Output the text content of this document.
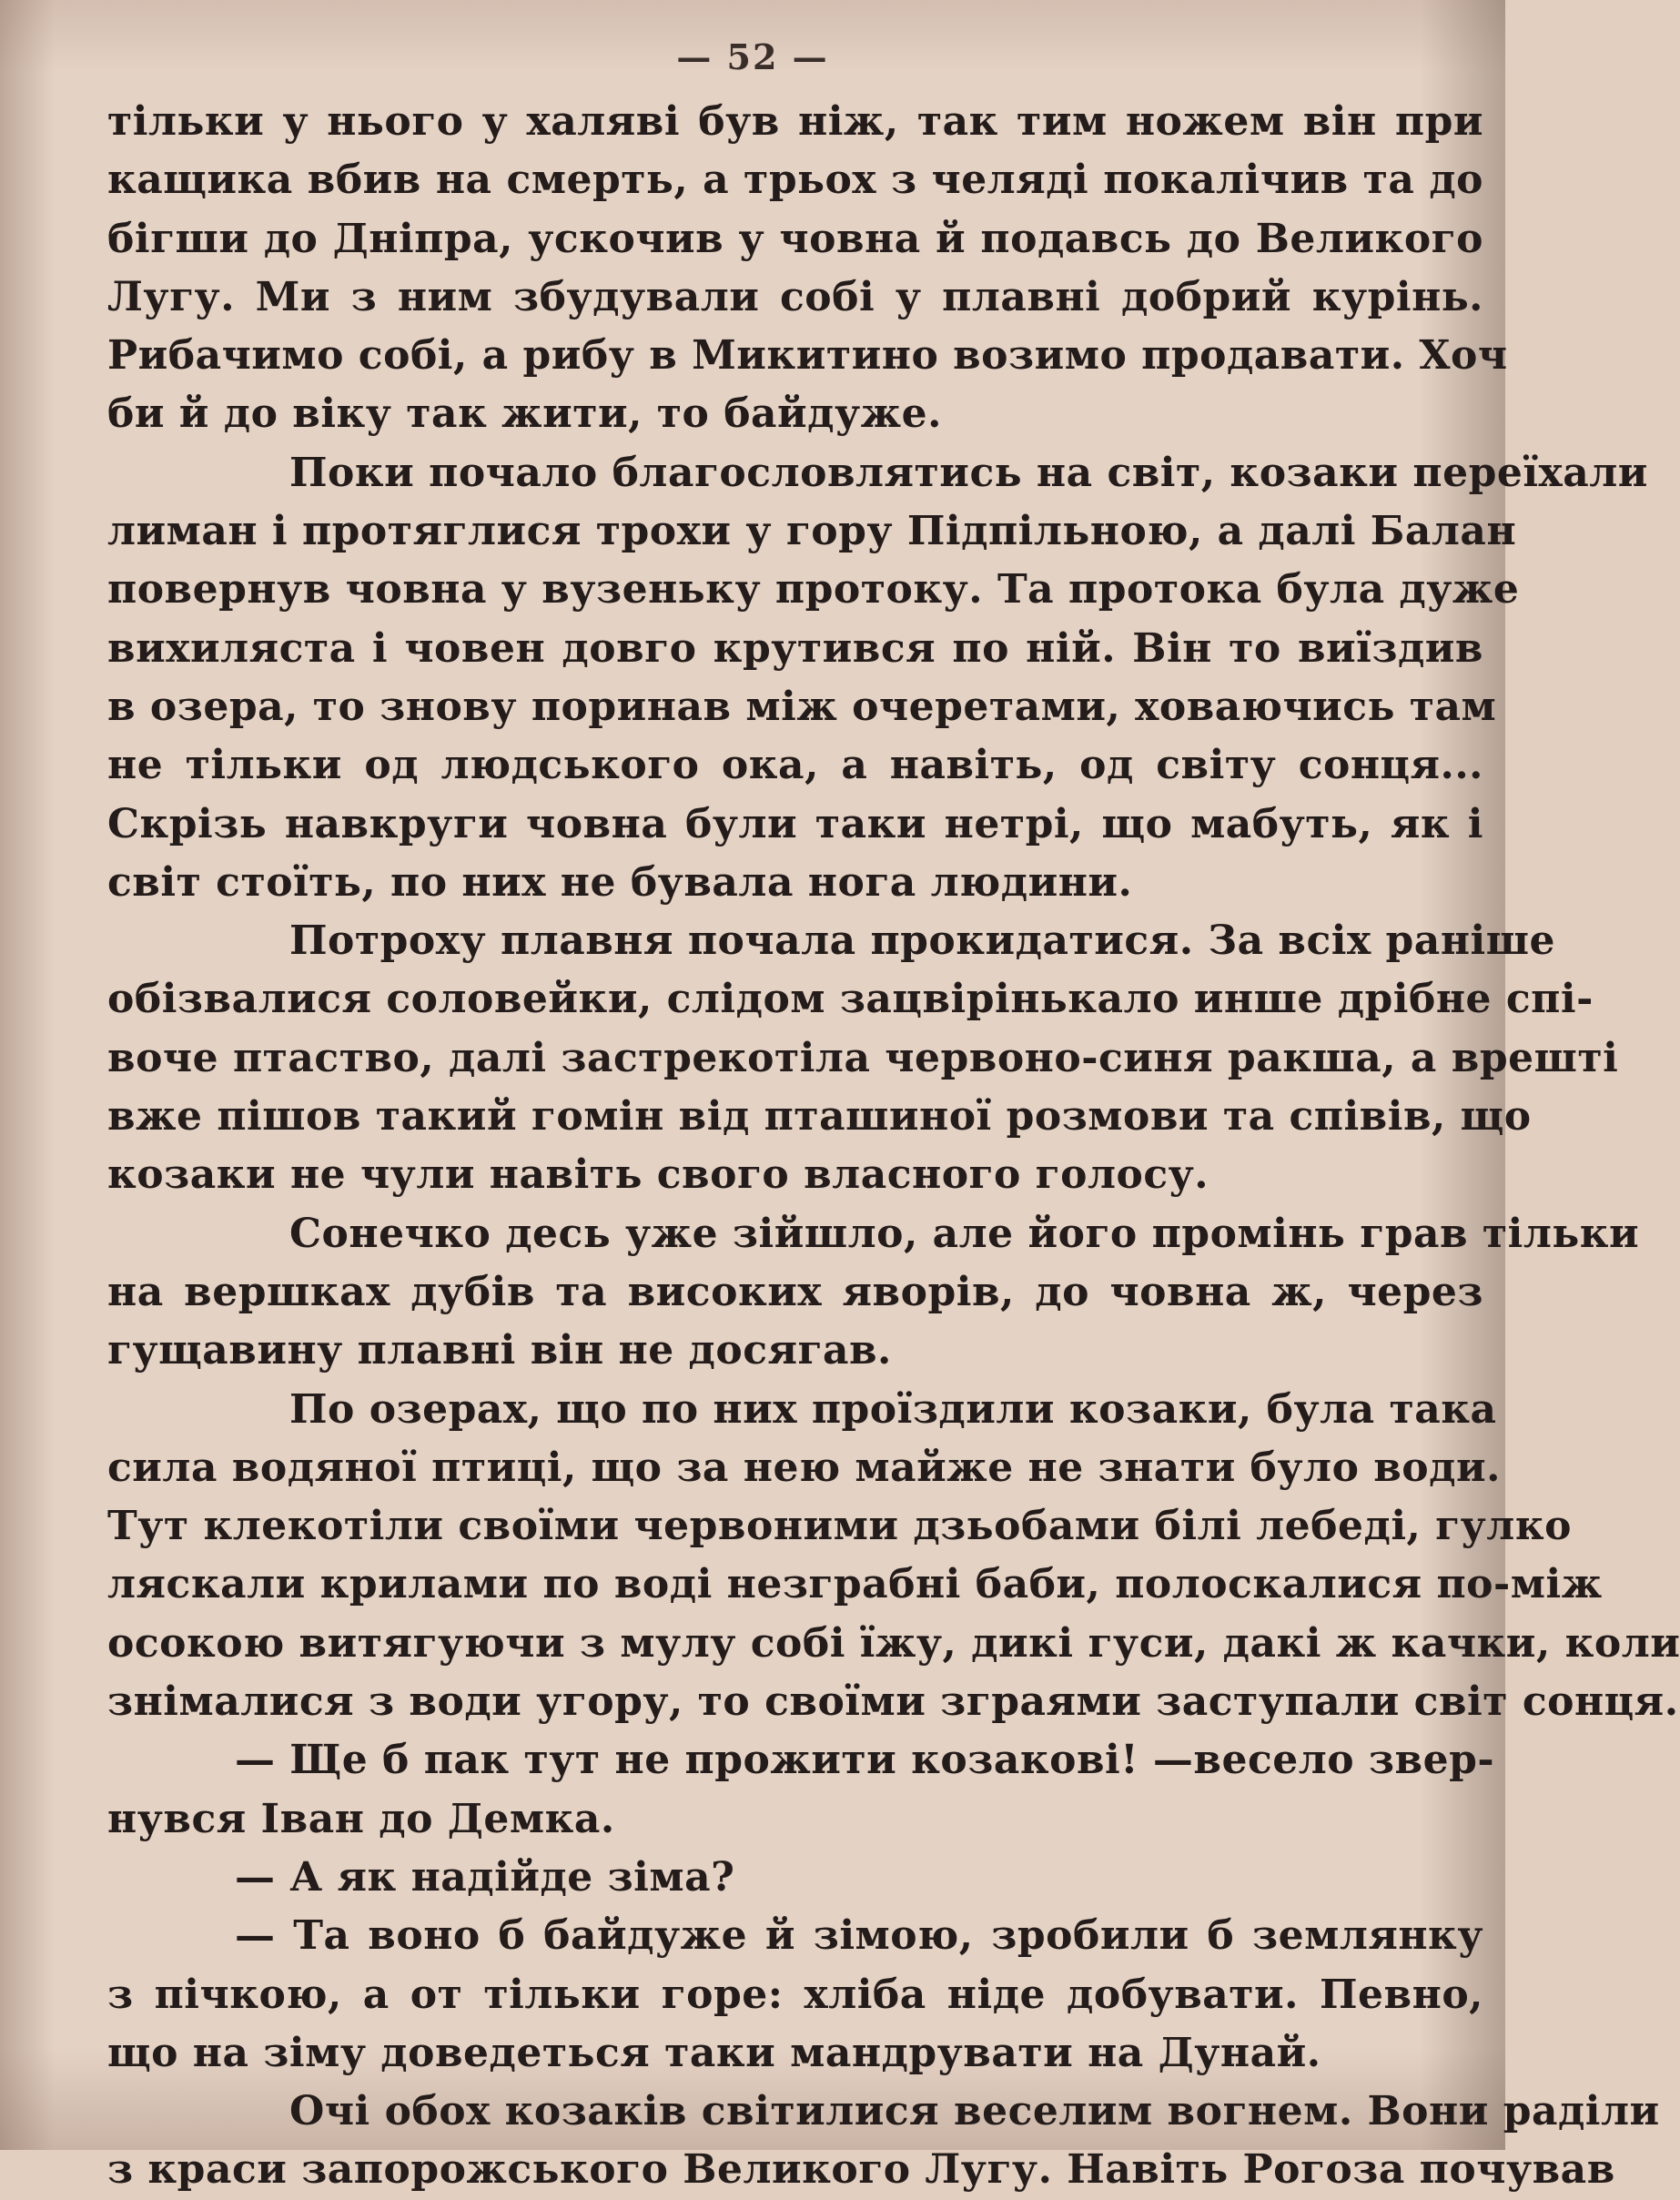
— 52 —
тільки у нього у халяві був ніж, так тим ножем він при
кащика вбив на смерть, а трьох з челяді покалічив та до
бігши до Дніпра, ускочив у човна й подавсь до Великого
Лугу. Ми з ним збудували собі у плавні добрий курінь.
Рибачимо собі, а рибу в Микитино возимо продавати. Хоч
би й до віку так жити, то байдуже.
Поки почало благословлятись на світ, козаки переїхали
лиман і протяглися трохи у гору Підпільною, а далі Балан
повернув човна у вузеньку протоку. Та протока була дуже
вихиляста і човен довго крутився по ній. Він то виїздив
в озера, то знову поринав між очеретами, ховаючись там
не тільки од людського ока, а навіть, од світу сонця...
Скрізь навкруги човна були таки нетрі, що мабуть, як і
світ стоїть, по них не бувала нога людини.
Потроху плавня почала прокидатися. За всіх раніше
обізвалися соловейки, слідом зацвірінькало инше дрібне спі-
воче птаство, далі застрекотіла червоно-синя ракша, а врешті
вже пішов такий гомін від пташиної розмови та співів, що
козаки не чули навіть свого власного голосу.
Сонечко десь уже зійшло, але його промінь грав тільки
на вершках дубів та високих яворів, до човна ж, через
гущавину плавні він не досягав.
По озерах, що по них проїздили козаки, була така
сила водяної птиці, що за нею майже не знати було води.
Тут клекотіли своїми червоними дзьобами білі лебеді, гулко
ляскали крилами по воді незграбні баби, полоскалися по-між
осокою витягуючи з мулу собі їжу, дикі гуси, дакі ж качки, коли
знімалися з води угору, то своїми зграями заступали світ сонця.
— Ще б пак тут не прожити козакові! —весело звер-
нувся Іван до Демка.
— А як надійде зіма?
— Та воно б байдуже й зімою, зробили б землянку
з пічкою, а от тільки горе: хліба ніде добувати. Певно,
що на зіму доведеться таки мандрувати на Дунай.
Очі обох козаків світилися веселим вогнем. Вони раділи
з краси запорожського Великого Лугу. Навіть Рогоза почував
